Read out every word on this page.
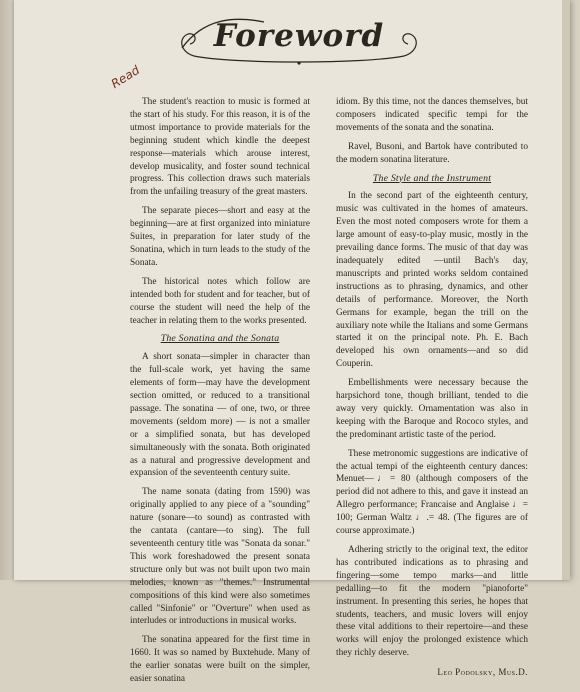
Foreword
Read

The student's reaction to music is formed at the start of his study. For this reason, it is of the utmost importance to provide materials for the beginning student which kindle the deepest response—materials which arouse interest, develop musicality, and foster sound technical progress. This collection draws such materials from the unfailing treasury of the great masters.

The separate pieces—short and easy at the beginning—are at first organized into miniature Suites, in preparation for later study of the Sonatina, which in turn leads to the study of the Sonata.

The historical notes which follow are intended both for student and for teacher, but of course the student will need the help of the teacher in relating them to the works presented.

The Sonatina and the Sonata

A short sonata—simpler in character than the full-scale work, yet having the same elements of form—may have the development section omitted, or reduced to a transitional passage. The sonatina — of one, two, or three movements (seldom more) — is not a smaller or a simplified sonata, but has developed simultaneously with the sonata. Both originated as a natural and progressive development and expansion of the seventeenth century suite.

The name sonata (dating from 1590) was originally applied to any piece of a "sounding" nature (sonare—to sound) as contrasted with the cantata (cantare—to sing). The full seventeenth century title was "Sonata da sonar." This work foreshadowed the present sonata structure only but was not built upon two main melodies, known as "themes." Instrumental compositions of this kind were also sometimes called "Sinfonie" or "Overture" when used as interludes or introductions in musical works.

The sonatina appeared for the first time in 1660. It was so named by Buxtehude. Many of the earlier sonatas were built on the simpler, easier sonatina

idiom. By this time, not the dances themselves, but composers indicated specific tempi for the movements of the sonata and the sonatina.

Ravel, Busoni, and Bartok have contributed to the modern sonatina literature.

The Style and the Instrument

In the second part of the eighteenth century, music was cultivated in the homes of amateurs. Even the most noted composers wrote for them a large amount of easy-to-play music, mostly in the prevailing dance forms. The music of that day was inadequately edited —until Bach's day, manuscripts and printed works seldom contained instructions as to phrasing, dynamics, and other details of performance. Moreover, the North Germans for example, began the trill on the auxiliary note while the Italians and some Germans started it on the principal note. Ph. E. Bach developed his own ornaments—and so did Couperin.

Embellishments were necessary because the harpsichord tone, though brilliant, tended to die away very quickly. Ornamentation was also in keeping with the Baroque and Rococo styles, and the predominant artistic taste of the period.

These metronomic suggestions are indicative of the actual tempi of the eighteenth century dances: Menuet—♩= 80 (although composers of the period did not adhere to this, and gave it instead an Allegro performance; Francaise and Anglaise ♩= 100; German Waltz ♩.= 48. (The figures are of course approximate.)

Adhering strictly to the original text, the editor has contributed indications as to phrasing and fingering—some tempo marks—and little pedalling—to fit the modern "pianoforte" instrument. In presenting this series, he hopes that students, teachers, and music lovers will enjoy these vital additions to their repertoire—and these works will enjoy the prolonged existence which they richly deserve.

Leo Podolsky, Mus.D.
